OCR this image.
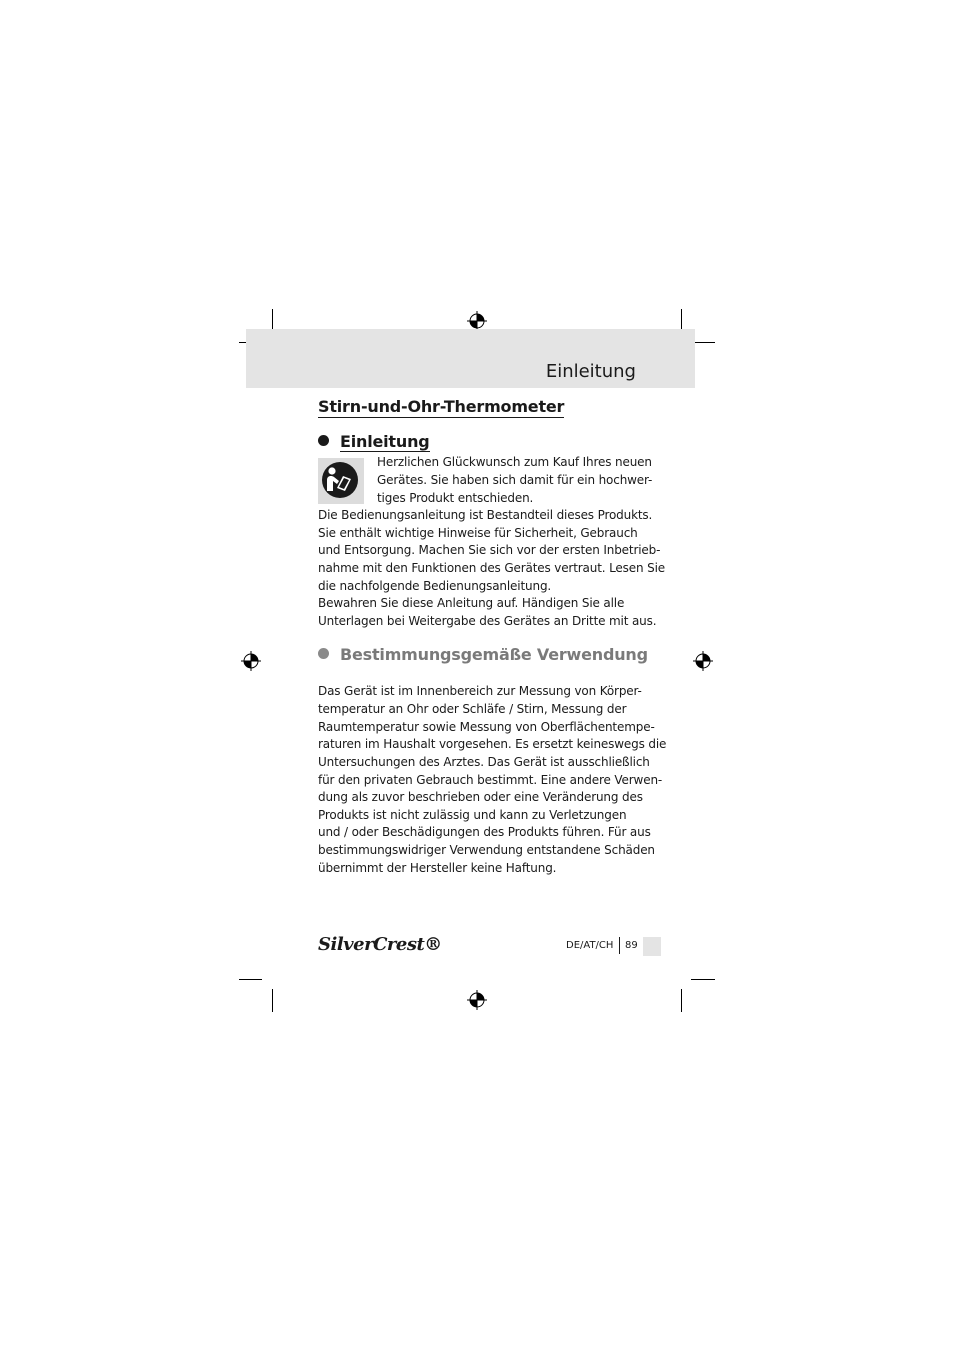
Einleitung
Stirn-und-Ohr-Thermometer
Einleitung
Herzlichen Glückwunsch zum Kauf Ihres neuen
Gerätes. Sie haben sich damit für ein hochwer-
tiges Produkt entschieden.
Die Bedienungsanleitung ist Bestandteil dieses Produkts.
Sie enthält wichtige Hinweise für Sicherheit, Gebrauch
und Entsorgung. Machen Sie sich vor der ersten Inbetrieb-
nahme mit den Funktionen des Gerätes vertraut. Lesen Sie
die nachfolgende Bedienungsanleitung.
Bewahren Sie diese Anleitung auf. Händigen Sie alle
Unterlagen bei Weitergabe des Gerätes an Dritte mit aus.
Bestimmungsgemäße Verwendung
Das Gerät ist im Innenbereich zur Messung von Körper-
temperatur an Ohr oder Schläfe / Stirn, Messung der
Raumtemperatur sowie Messung von Oberflächentempe-
raturen im Haushalt vorgesehen. Es ersetzt keineswegs die
Untersuchungen des Arztes. Das Gerät ist ausschließlich
für den privaten Gebrauch bestimmt. Eine andere Verwen-
dung als zuvor beschrieben oder eine Veränderung des
Produkts ist nicht zulässig und kann zu Verletzungen
und / oder Beschädigungen des Produkts führen. Für aus
bestimmungswidriger Verwendung entstandene Schäden
übernimmt der Hersteller keine Haftung.
SilverCrest®	DE/AT/CH 89
